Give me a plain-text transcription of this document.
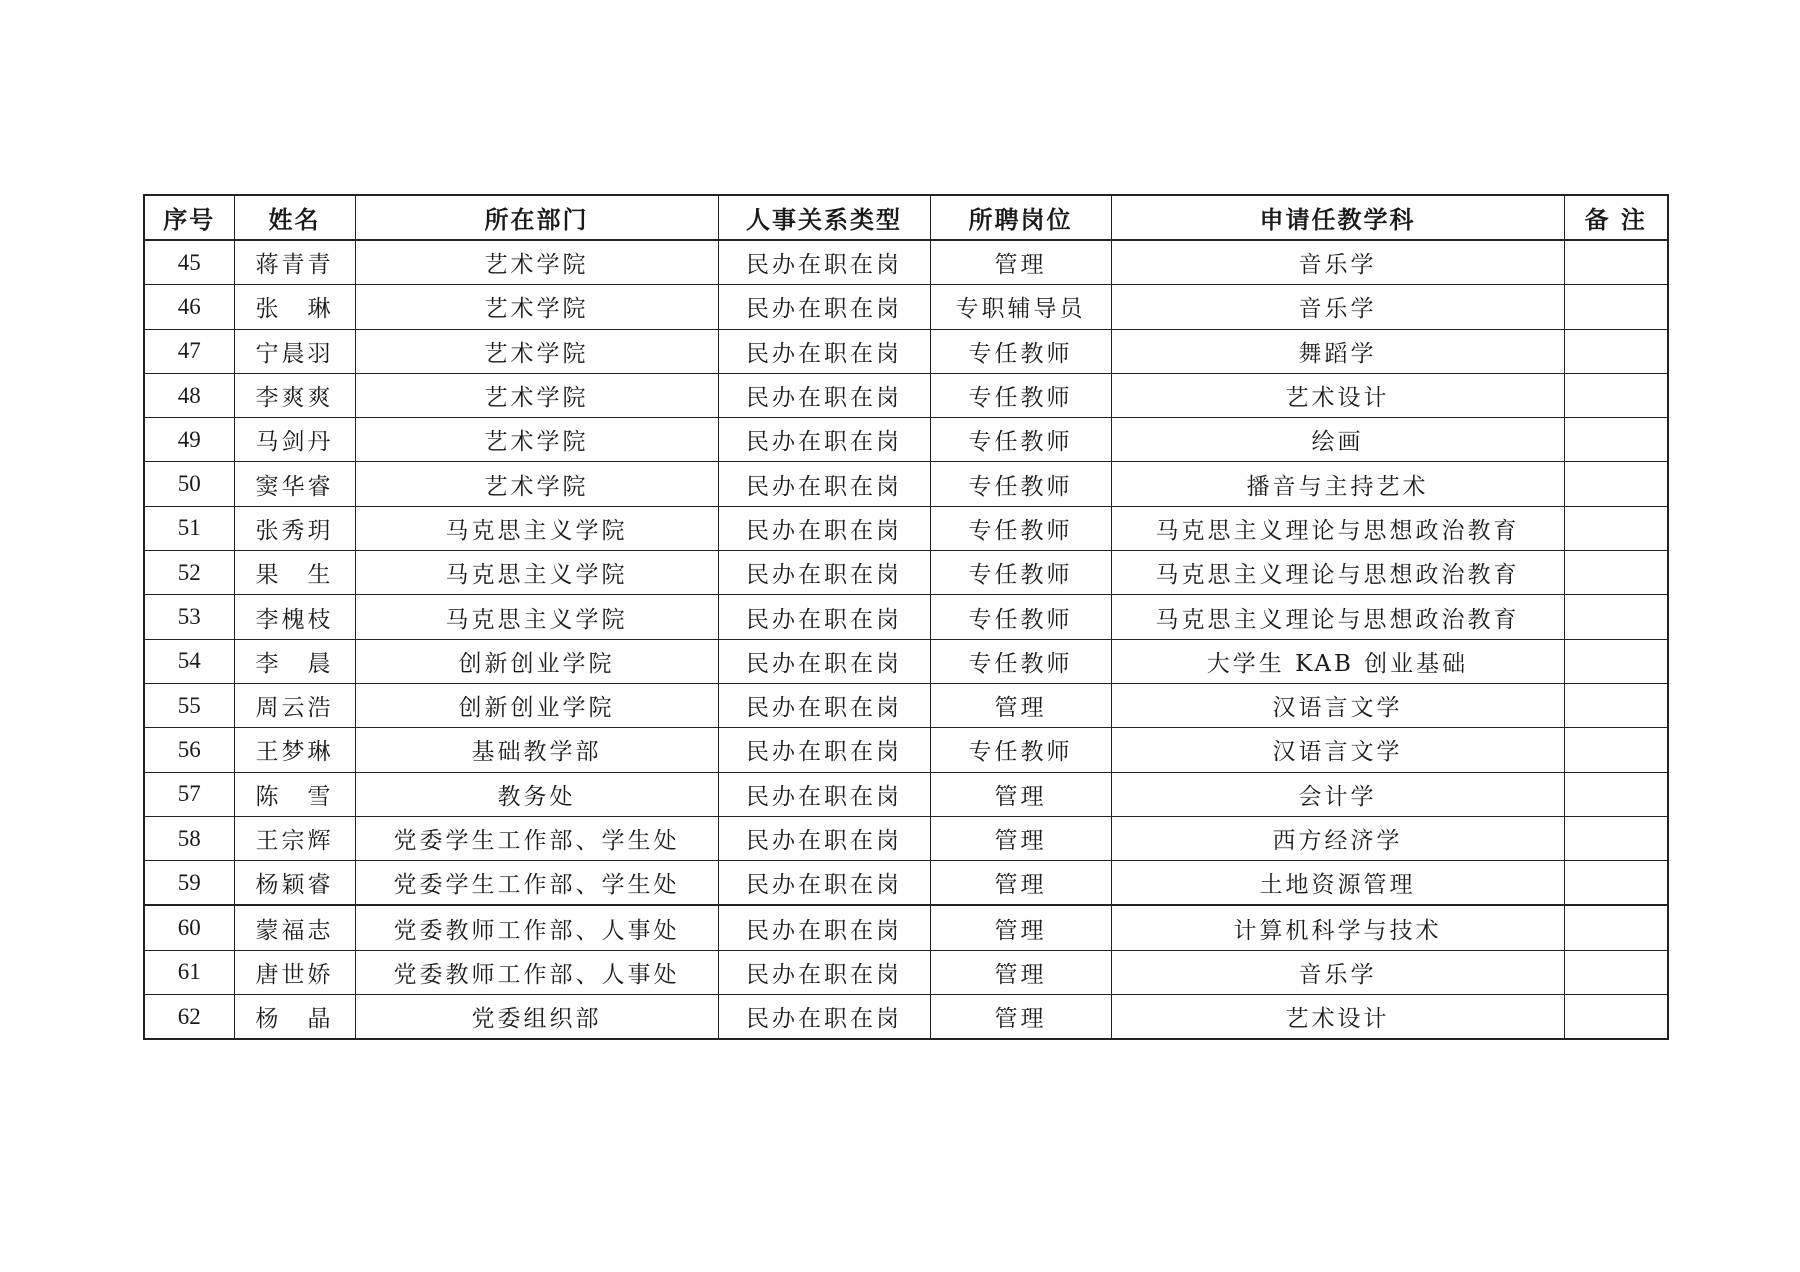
序号	姓名	所在部门	人事关系类型	所聘岗位	申请任教学科	备 注
45	蒋青青	艺术学院	民办在职在岗	管理	音乐学	
46	张　琳	艺术学院	民办在职在岗	专职辅导员	音乐学	
47	宁晨羽	艺术学院	民办在职在岗	专任教师	舞蹈学	
48	李爽爽	艺术学院	民办在职在岗	专任教师	艺术设计	
49	马剑丹	艺术学院	民办在职在岗	专任教师	绘画	
50	窦华睿	艺术学院	民办在职在岗	专任教师	播音与主持艺术	
51	张秀玥	马克思主义学院	民办在职在岗	专任教师	马克思主义理论与思想政治教育	
52	果　生	马克思主义学院	民办在职在岗	专任教师	马克思主义理论与思想政治教育	
53	李槐枝	马克思主义学院	民办在职在岗	专任教师	马克思主义理论与思想政治教育	
54	李　晨	创新创业学院	民办在职在岗	专任教师	大学生 KAB 创业基础	
55	周云浩	创新创业学院	民办在职在岗	管理	汉语言文学	
56	王梦琳	基础教学部	民办在职在岗	专任教师	汉语言文学	
57	陈　雪	教务处	民办在职在岗	管理	会计学	
58	王宗辉	党委学生工作部、学生处	民办在职在岗	管理	西方经济学	
59	杨颖睿	党委学生工作部、学生处	民办在职在岗	管理	土地资源管理	
60	蒙福志	党委教师工作部、人事处	民办在职在岗	管理	计算机科学与技术	
61	唐世娇	党委教师工作部、人事处	民办在职在岗	管理	音乐学	
62	杨　晶	党委组织部	民办在职在岗	管理	艺术设计	
